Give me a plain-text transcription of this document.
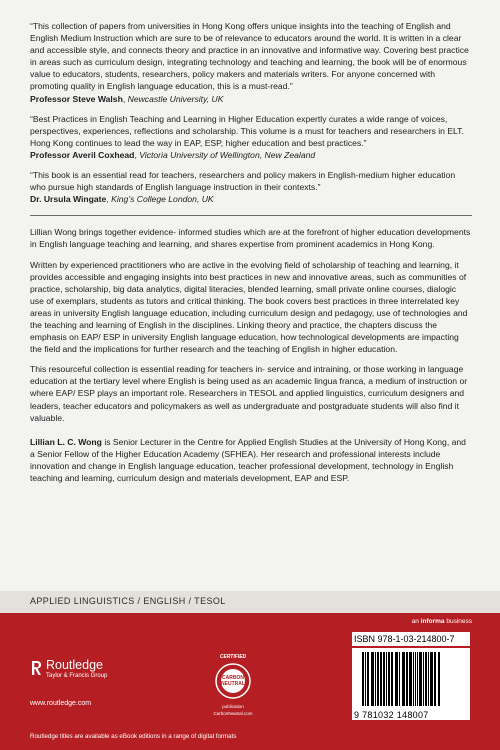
“This collection of papers from universities in Hong Kong offers unique insights into the teaching of English and English Medium Instruction which are sure to be of relevance to educators around the world. It is written in a clear and accessible style, and connects theory and practice in an innovative and informative way. Covering best practice in areas such as curriculum design, integrating technology and teaching and learning, the book will be of enormous value to educators, students, researchers, policy makers and materials writers. For anyone concerned with promoting quality in English language education, this is a must-read.”

Professor Steve Walsh, Newcastle University, UK

“Best Practices in English Teaching and Learning in Higher Education expertly curates a wide range of voices, perspectives, experiences, reflections and scholarship. This volume is a must for teachers and researchers in ELT. Hong Kong continues to lead the way in EAP, ESP, higher education and best practices.”

Professor Averil Coxhead, Victoria University of Wellington, New Zealand

“This book is an essential read for teachers, researchers and policy makers in English-medium higher education who pursue high standards of English language instruction in their contexts.”

Dr. Ursula Wingate, King’s College London, UK

Lillian Wong brings together evidence- informed studies which are at the forefront of higher education developments in English language teaching and learning, and shares expertise from prominent academics in Hong Kong.

Written by experienced practitioners who are active in the evolving field of scholarship of teaching and learning, it provides accessible and engaging insights into best practices in new and innovative areas, such as communities of practice, scholarship, big data analytics, digital literacies, blended learning, small private online courses, dialogic use of exemplars, students as tutors and critical thinking. The book covers best practices in three interrelated key areas in university English language education, including curriculum design and pedagogy, use of technologies and the teaching and learning of English in the disciplines. Linking theory and practice, the chapters discuss the emphasis on EAP/ ESP in university English language education, how technological developments are impacting the field and the implications for further research and the teaching of English in higher education.

This resourceful collection is essential reading for teachers in- service and intraining, or those working in language education at the tertiary level where English is being used as an academic lingua franca, a medium of instruction or where EAP/ ESP plays an important role. Researchers in TESOL and applied linguistics, curriculum designers and leaders, teacher educators and policymakers as well as undergraduate and postgraduate students will also find it valuable.

Lillian L. C. Wong is Senior Lecturer in the Centre for Applied English Studies at the University of Hong Kong, and a Senior Fellow of the Higher Education Academy (SFHEA). Her research and professional interests include innovation and change in English language education, teacher professional development, technology in English teaching and learning, curriculum design and materials development, EAP and ESP.

APPLIED LINGUISTICS / ENGLISH / TESOL
an informa business
Routledge
Taylor & Francis Group
www.routledge.com
Routledge titles are available as eBook editions in a range of digital formats
CERTIFIED
CARBON
NEUTRAL
publication
CarbonNeutral.com
ISBN 978-1-03-214800-7
9 781032 148007
